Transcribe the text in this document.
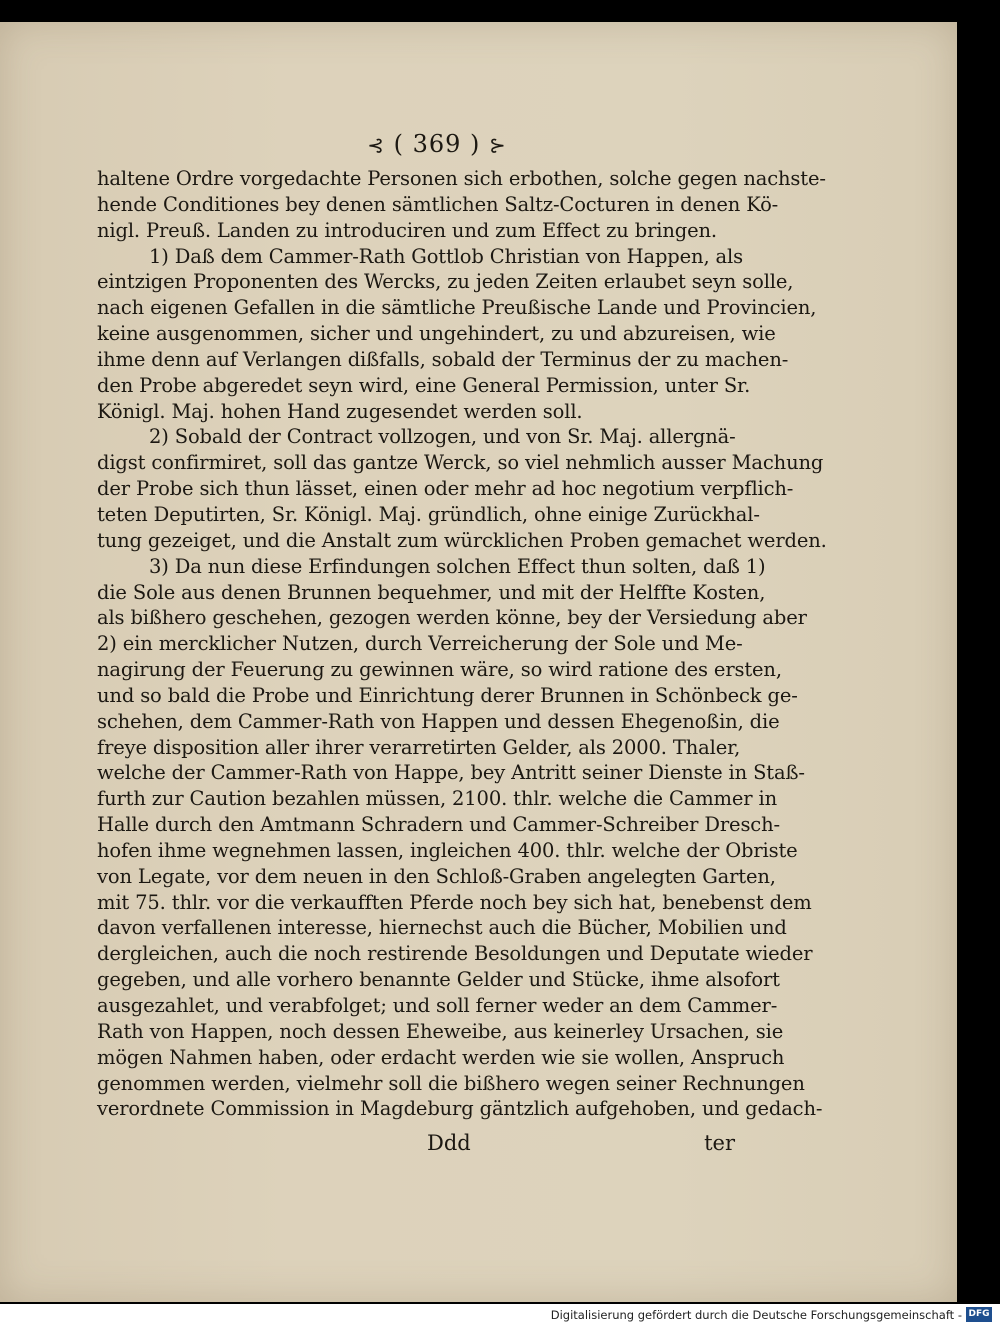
⊰ ( 369 ) ⊱
haltene Ordre vorgedachte Personen sich erbothen, solche gegen nachste-
hende Conditiones bey denen sämtlichen Saltz-Cocturen in denen Kö-
nigl. Preuß. Landen zu introduciren und zum Effect zu bringen.
1) Daß dem Cammer-Rath Gottlob Christian von Happen, als
eintzigen Proponenten des Wercks, zu jeden Zeiten erlaubet seyn solle,
nach eigenen Gefallen in die sämtliche Preußische Lande und Provincien,
keine ausgenommen, sicher und ungehindert, zu und abzureisen, wie
ihme denn auf Verlangen dißfalls, sobald der Terminus der zu machen-
den Probe abgeredet seyn wird, eine General Permission, unter Sr.
Königl. Maj. hohen Hand zugesendet werden soll.
2) Sobald der Contract vollzogen, und von Sr. Maj. allergnä-
digst confirmiret, soll das gantze Werck, so viel nehmlich ausser Machung
der Probe sich thun lässet, einen oder mehr ad hoc negotium verpflich-
teten Deputirten, Sr. Königl. Maj. gründlich, ohne einige Zurückhal-
tung gezeiget, und die Anstalt zum würcklichen Proben gemachet werden.
3) Da nun diese Erfindungen solchen Effect thun solten, daß 1)
die Sole aus denen Brunnen bequehmer, und mit der Helffte Kosten,
als bißhero geschehen, gezogen werden könne, bey der Versiedung aber
2) ein mercklicher Nutzen, durch Verreicherung der Sole und Me-
nagirung der Feuerung zu gewinnen wäre, so wird ratione des ersten,
und so bald die Probe und Einrichtung derer Brunnen in Schönbeck ge-
schehen, dem Cammer-Rath von Happen und dessen Ehegenoßin, die
freye disposition aller ihrer verarretirten Gelder, als 2000. Thaler,
welche der Cammer-Rath von Happe, bey Antritt seiner Dienste in Staß-
furth zur Caution bezahlen müssen, 2100. thlr. welche die Cammer in
Halle durch den Amtmann Schradern und Cammer-Schreiber Dresch-
hofen ihme wegnehmen lassen, ingleichen 400. thlr. welche der Obriste
von Legate, vor dem neuen in den Schloß-Graben angelegten Garten,
mit 75. thlr. vor die verkaufften Pferde noch bey sich hat, benebenst dem
davon verfallenen interesse, hiernechst auch die Bücher, Mobilien und
dergleichen, auch die noch restirende Besoldungen und Deputate wieder
gegeben, und alle vorhero benannte Gelder und Stücke, ihme alsofort
ausgezahlet, und verabfolget; und soll ferner weder an dem Cammer-
Rath von Happen, noch dessen Eheweibe, aus keinerley Ursachen, sie
mögen Nahmen haben, oder erdacht werden wie sie wollen, Anspruch
genommen werden, vielmehr soll die bißhero wegen seiner Rechnungen
verordnete Commission in Magdeburg gäntzlich aufgehoben, und gedach-
Ddd	ter
Digitalisierung gefördert durch die Deutsche Forschungsgemeinschaft - DFG
